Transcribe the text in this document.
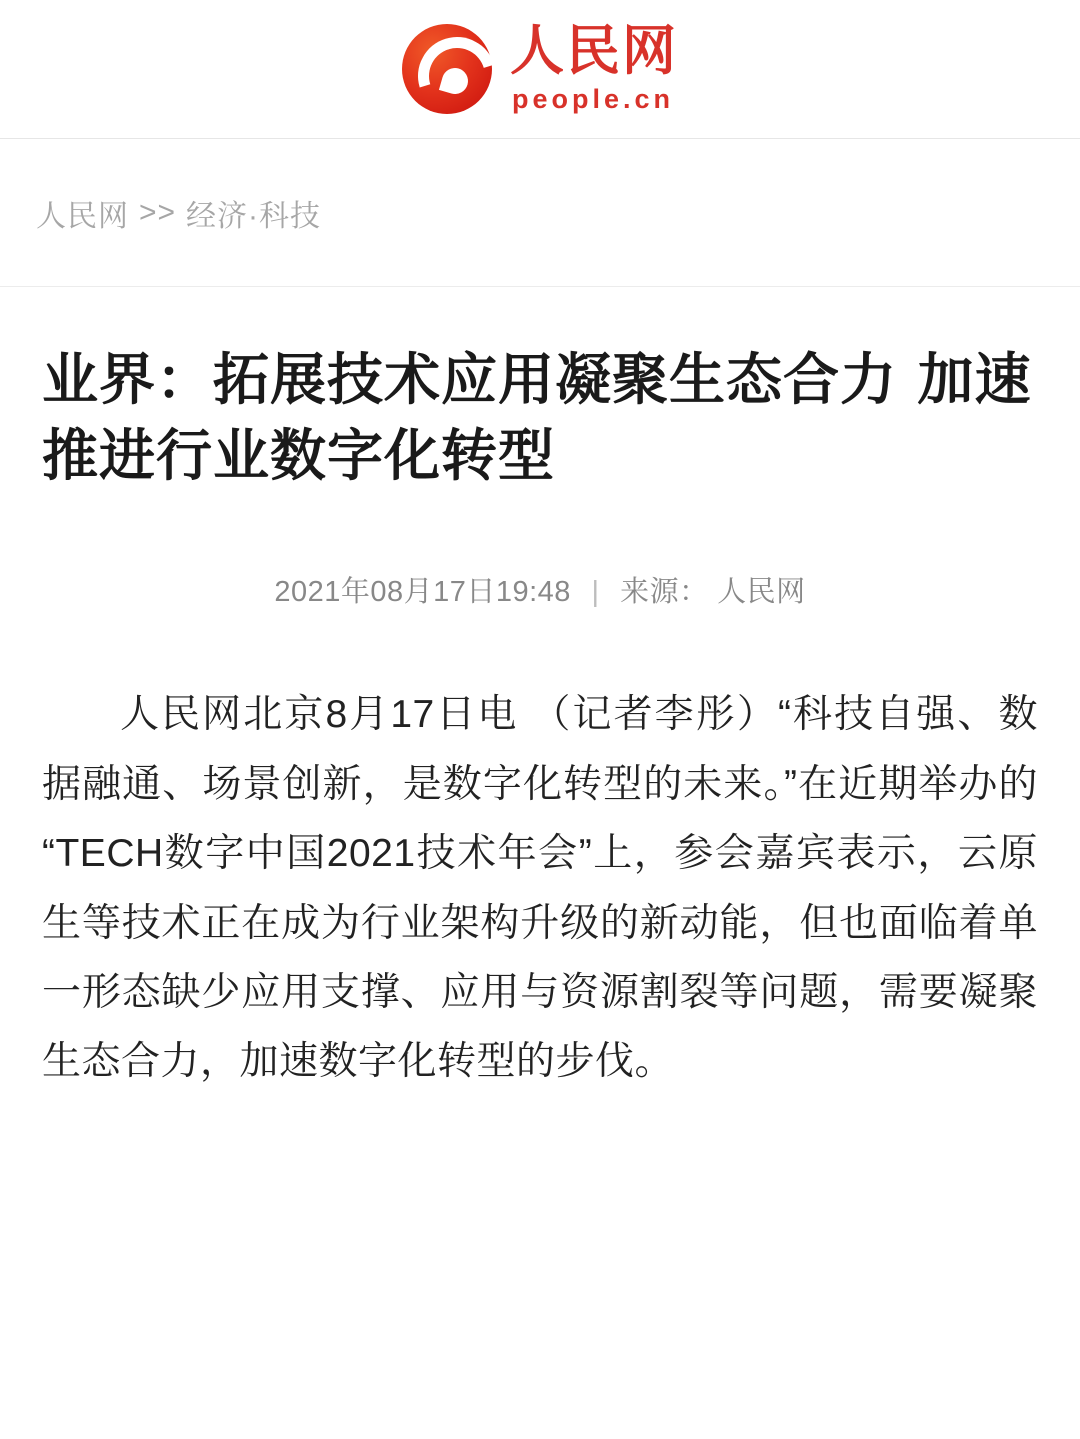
人民网
people.cn
人民网 >> 经济·科技
业界：拓展技术应用凝聚生态合力 加速推进行业数字化转型
2021年08月17日19:48 | 来源： 人民网

人民网北京8月17日电 （记者李彤）“科技自强、数据融通、场景创新，是数字化转型的未来。”在近期举办的“TECH数字中国2021技术年会”上，参会嘉宾表示，云原生等技术正在成为行业架构升级的新动能，但也面临着单一形态缺少应用支撑、应用与资源割裂等问题，需要凝聚生态合力，加速数字化转型的步伐。
